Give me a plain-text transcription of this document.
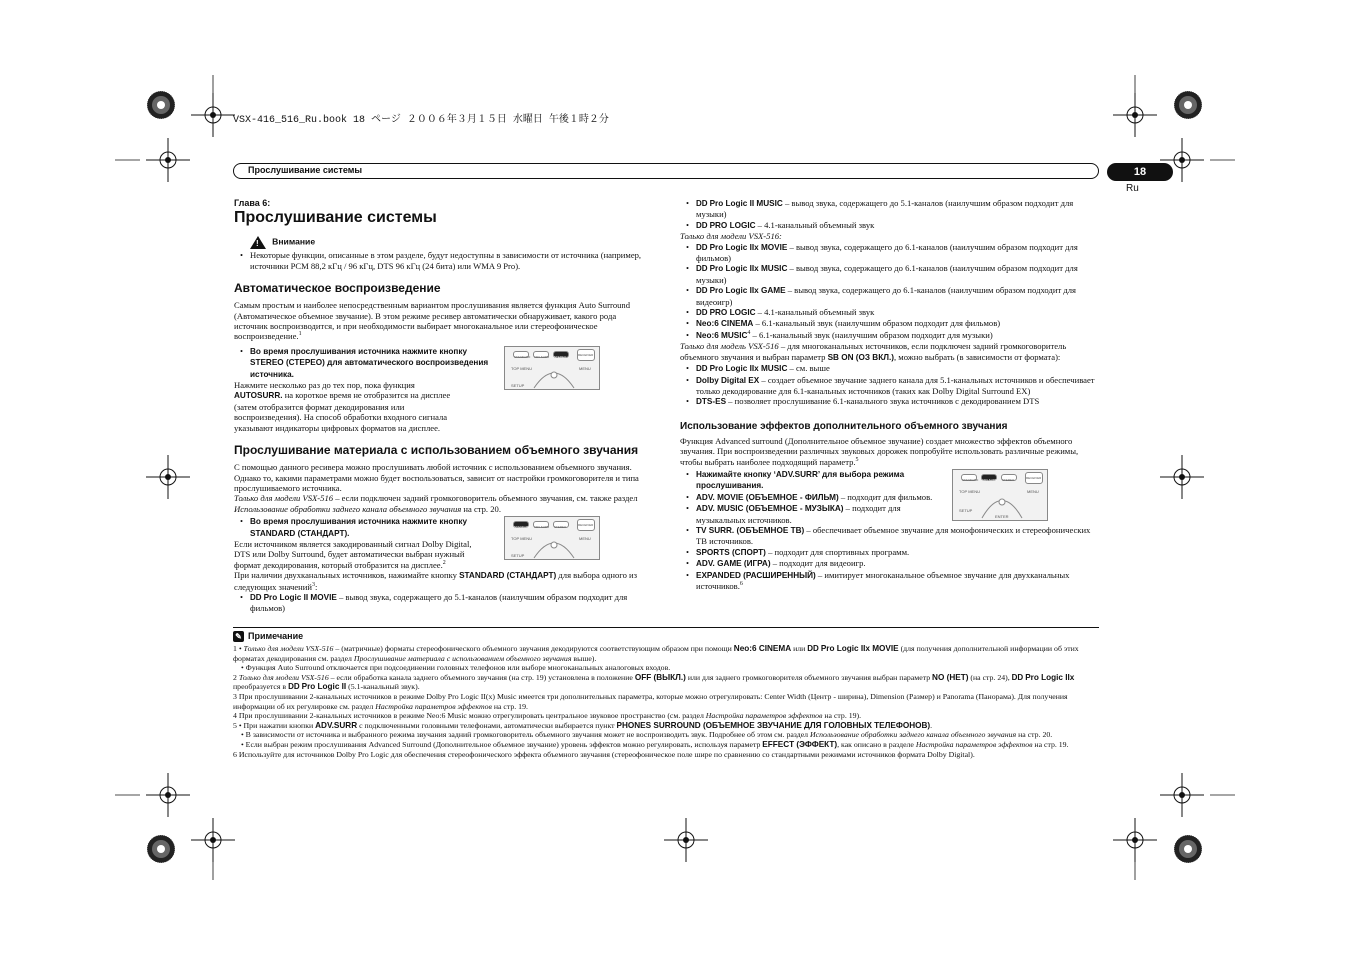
VSX-416_516_Ru.book 18 ページ ２００６年３月１５日 水曜日 午後１時２分
Прослушивание системы	18
Ru
Глава 6:
Прослушивание системы
! Внимание

• Некоторые функции, описанные в этом разделе, будут недоступны в зависимости от источника (например, источники PCM 88,2 кГц / 96 кГц, DTS 96 кГц (24 бита) или WMA 9 Pro).

Автоматическое воспроизведение

Самым простым и наиболее непосредственным вариантом прослушивания является функция Auto Surround (Автоматическое объемное звучание). В этом режиме ресивер автоматически обнаруживает, какого рода источник воспроизводится, и при необходимости выбирает многоканальное или стереофоническое воспроизведение.$^1$

STANDARD	ADV.SURR	STEREO	RECEIVER
TOP MENU	MENU
SETUP

• Во время прослушивания источника нажмите кнопку STEREO (СТЕРЕО) для автоматического воспроизведения источника.

Нажмите несколько раз до тех пор, пока функция
AUTOSURR. на короткое время не отобразится на дисплее (затем отобразится формат декодирования или воспроизведения). На способ обработки входного сигнала указывают индикаторы цифровых форматов на дисплее.

Прослушивание материала с использованием объемного звучания

С помощью данного ресивера можно прослушивать любой источник с использованием объемного звучания. Однако то, какими параметрами можно будет воспользоваться, зависит от настройки громкоговорителя и типа прослушиваемого источника.

Только для модели VSX-516 – если подключен задний громкоговоритель объемного звучания, см. также раздел Использование обработки заднего канала объемного звучания на стр. 20.

STANDARD	ADV.SURR	STEREO	RECEIVER
TOP MENU	MENU
SETUP

• Во время прослушивания источника нажмите кнопку STANDARD (СТАНДАРТ).

Если источником является закодированный сигнал Dolby Digital, DTS или Dolby Surround, будет автоматически выбран нужный формат декодирования, который отобразится на дисплее.$^2$

При наличии двухканальных источников, нажимайте кнопку STANDARD (СТАНДАРТ) для выбора одного из следующих значений$^3$:

• DD Pro Logic II MOVIE – вывод звука, содержащего до 5.1-каналов (наилучшим образом подходит для фильмов)

• DD Pro Logic II MUSIC – вывод звука, содержащего до 5.1-каналов (наилучшим образом подходит для музыки)

• DD PRO LOGIC – 4.1-канальный объемный звук

Только для модели VSX-516:

• DD Pro Logic IIx MOVIE – вывод звука, содержащего до 6.1-каналов (наилучшим образом подходит для фильмов)

• DD Pro Logic IIx MUSIC – вывод звука, содержащего до 6.1-каналов (наилучшим образом подходит для музыки)

• DD Pro Logic IIx GAME – вывод звука, содержащего до 6.1-каналов (наилучшим образом подходит для видеоигр)

• DD PRO LOGIC – 4.1-канальный объемный звук

• Neo:6 CINEMA – 6.1-канальный звук (наилучшим образом подходит для фильмов)

• Neo:6 MUSIC$^4$ – 6.1-канальный звук (наилучшим образом подходит для музыки)

Только для модель VSX-516 – для многоканальных источников, если подключен задний громкоговоритель объемного звучания и выбран параметр SB ON (ОЗ ВКЛ.), можно выбрать (в зависимости от формата):

• DD Pro Logic IIx MUSIC – см. выше

• Dolby Digital EX – создает объемное звучание заднего канала для 5.1-канальных источников и обеспечивает только декодирование для 6.1-канальных источников (таких как Dolby Digital Surround EX)

• DTS-ES – позволяет прослушивание 6.1-канального звука источников с декодированием DTS

Использование эффектов дополнительного объемного звучания

Функция Advanced surround (Дополнительное объемное звучание) создает множество эффектов объемного звучания. При воспроизведении различных звуковых дорожек попробуйте использовать различные режимы, чтобы выбрать наиболее подходящий параметр.$^5$

STANDARD	ADV.SURR	STEREO	RECEIVER
TOP MENU	MENU
SETUP
ENTER

• Нажимайте кнопку ‘ADV.SURR’ для выбора режима прослушивания.

• ADV. MOVIE (ОБЪЕМНОЕ - ФИЛЬМ) – подходит для фильмов.

• ADV. MUSIC (ОБЪЕМНОЕ - МУЗЫКА) – подходит для музыкальных источников.

• TV SURR. (ОБЪЕМНОЕ ТВ) – обеспечивает объемное звучание для монофонических и стереофонических ТВ источников.

• SPORTS (СПОРТ) – подходит для спортивных программ.

• ADV. GAME (ИГРА) – подходит для видеоигр.

• EXPANDED (РАСШИРЕННЫЙ) – имитирует многоканальное объемное звучание для двухканальных источников.$^6$

✎ Примечание

1 • Только для модели VSX-516 – (матричные) форматы стереофонического объемного звучания декодируются соответствующим образом при помощи Neo:6 CINEMA или DD Pro Logic IIx MOVIE (для получения дополнительной информации об этих форматах декодирования см. раздел Прослушивание материала с использованием объемного звучания выше).

• Функция Auto Surround отключается при подсоединении головных телефонов или выборе многоканальных аналоговых входов.

2 Только для модели VSX-516 – если обработка канала заднего объемного звучания (на стр. 19) установлена в положение OFF (ВЫКЛ.) или для заднего громкоговорителя объемного звучания выбран параметр NO (НЕТ) (на стр. 24), DD Pro Logic IIx преобразуется в DD Pro Logic II (5.1-канальный звук).

3 При прослушивании 2-канальных источников в режиме Dolby Pro Logic II(x) Music имеется три дополнительных параметра, которые можно отрегулировать: Center Width (Центр - ширина), Dimension (Размер) и Panorama (Панорама). Для получения информации об их регулировке см. раздел Настройка параметров эффектов на стр. 19.

4 При прослушивании 2-канальных источников в режиме Neo:6 Music можно отрегулировать центральное звуковое пространство (см. раздел Настройка параметров эффектов на стр. 19).

5 • При нажатии кнопки ADV.SURR с подключенными головными телефонами, автоматически выбирается пункт PHONES SURROUND (ОБЪЕМНОЕ ЗВУЧАНИЕ ДЛЯ ГОЛОВНЫХ ТЕЛЕФОНОВ).

• В зависимости от источника и выбранного режима звучания задний громкоговоритель объемного звучания может не воспроизводить звук. Подробнее об этом см. раздел Использование обработки заднего канала объемного звучания на стр. 20.

• Если выбран режим прослушивания Advanced Surround (Дополнительное объемное звучание) уровень эффектов можно регулировать, используя параметр EFFECT (ЭФФЕКТ), как описано в разделе Настройка параметров эффектов на стр. 19.

6 Используйте для источников Dolby Pro Logic для обеспечения стереофонического эффекта объемного звучания (стереофоническое поле шире по сравнению со стандартными режимами источников формата Dolby Digital).
